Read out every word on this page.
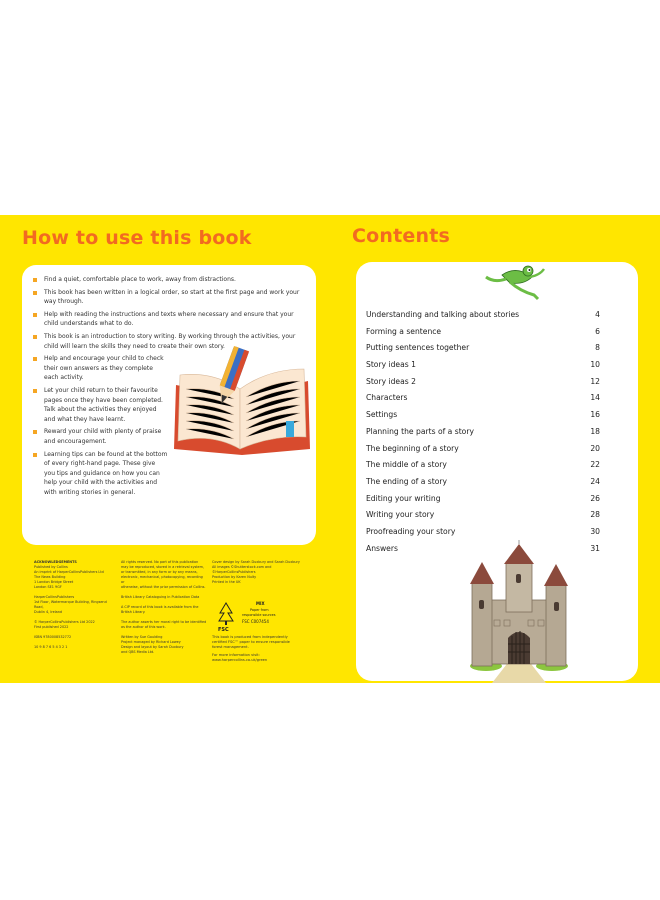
How to use this book
Find a quiet, comfortable place to work, away from distractions.
This book has been written in a logical order, so start at the first page and work your way through.
Help with reading the instructions and texts where necessary and ensure that your child understands what to do.
This book is an introduction to story writing. By working through the activities, your child will learn the skills they need to create their own story.
Help and encourage your child to check their own answers as they complete each activity.
Let your child return to their favourite pages once they have been completed. Talk about the activities they enjoyed and what they have learnt.
Reward your child with plenty of praise and encouragement.
Learning tips can be found at the bottom of every right-hand page. These give you tips and guidance on how you can help your child with the activities and with writing stories in general.
ACKNOWLEDGEMENTS
Published by Collins
An imprint of HarperCollinsPublishers Ltd
The News Building
1 London Bridge Street
London SE1 9GF
HarperCollinsPublishers
1st Floor, Watermarque Building, Ringsend Road,
Dublin 4, Ireland
© HarperCollinsPublishers Ltd 2022
First published 2022
ISBN 9780008532772
10 9 8 7 6 5 4 3 2 1
All rights reserved. No part of this publication
may be reproduced, stored in a retrieval system,
or transmitted, in any form or by any means,
electronic, mechanical, photocopying, recording or
otherwise, without the prior permission of Collins.
British Library Cataloguing in Publication Data
A CIP record of this book is available from the
British Library.
The author asserts her moral right to be identified
as the author of this work.
Written by Sue Goulding
Project managed by Richard Lowey
Design and layout by Sarah Duxbury
and QBS Media Ltd.
Cover design by Sarah Duxbury and Sarah Duxbury
All images ©Shutterstock.com and
©HarperCollinsPublishers
Production by Karen Nulty
Printed in the UK
FSC
MIX
Paper from
responsible sources
FSC C007454
This book is produced from independently
certified FSC™ paper to ensure responsible
forest management.
For more information visit:
www.harpercollins.co.uk/green
Contents
Understanding and talking about stories	4
Forming a sentence	6
Putting sentences together	8
Story ideas 1	10
Story ideas 2	12
Characters	14
Settings	16
Planning the parts of a story	18
The beginning of a story	20
The middle of a story	22
The ending of a story	24
Editing your writing	26
Writing your story	28
Proofreading your story	30
Answers	31
